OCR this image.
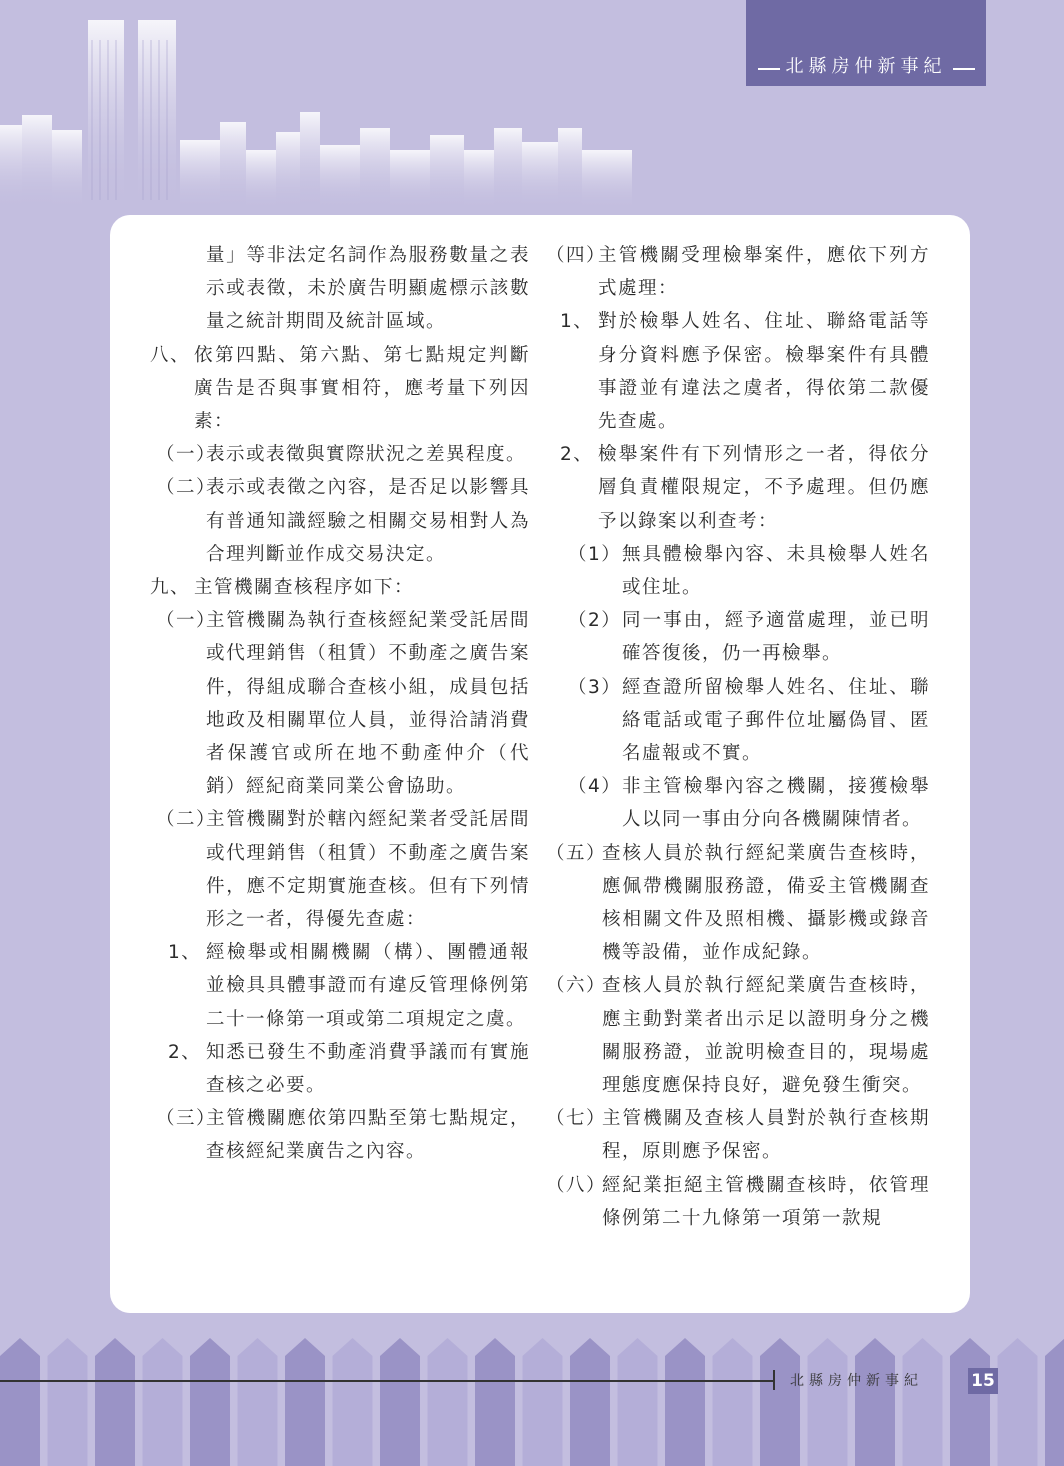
北縣房仲新事紀
量」等非法定名詞作為服務數量之表示或表徵，未於廣告明顯處標示該數量之統計期間及統計區域。
八、 依第四點、第六點、第七點規定判斷廣告是否與事實相符，應考量下列因素：
（一）
表示或表徵與實際狀況之差異程度。
（二）
表示或表徵之內容，是否足以影響具有普通知識經驗之相關交易相對人為合理判斷並作成交易決定。
九、 主管機關查核程序如下：
（一）
主管機關為執行查核經紀業受託居間或代理銷售（租賃）不動產之廣告案件，得組成聯合查核小組，成員包括地政及相關單位人員，並得洽請消費者保護官或所在地不動產仲介（代銷）經紀商業同業公會協助。
（二）
主管機關對於轄內經紀業者受託居間或代理銷售（租賃）不動產之廣告案件，應不定期實施查核。但有下列情形之一者，得優先查處：
1、 經檢舉或相關機關（構）、團體通報並檢具具體事證而有違反管理條例第二十一條第一項或第二項規定之虞。
2、 知悉已發生不動產消費爭議而有實施查核之必要。
（三）
主管機關應依第四點至第七點規定，查核經紀業廣告之內容。
（四）
主管機關受理檢舉案件，應依下列方式處理：
1、 對於檢舉人姓名、住址、聯絡電話等身分資料應予保密。檢舉案件有具體事證並有違法之虞者，得依第二款優先查處。
2、 檢舉案件有下列情形之一者，得依分層負責權限規定，不予處理。但仍應予以錄案以利查考：
（1） 無具體檢舉內容、未具檢舉人姓名或住址。
（2） 同一事由，經予適當處理，並已明確答復後，仍一再檢舉。
（3） 經查證所留檢舉人姓名、住址、聯絡電話或電子郵件位址屬偽冒、匿名虛報或不實。
（4） 非主管檢舉內容之機關，接獲檢舉人以同一事由分向各機關陳情者。
（五）
查核人員於執行經紀業廣告查核時，應佩帶機關服務證，備妥主管機關查核相關文件及照相機、攝影機或錄音機等設備，並作成紀錄。
（六）
查核人員於執行經紀業廣告查核時，應主動對業者出示足以證明身分之機關服務證，並說明檢查目的，現場處理態度應保持良好，避免發生衝突。
（七）
主管機關及查核人員對於執行查核期程，原則應予保密。
（八）
經紀業拒絕主管機關查核時，依管理條例第二十九條第一項第一款規
北縣房仲新事紀	15
